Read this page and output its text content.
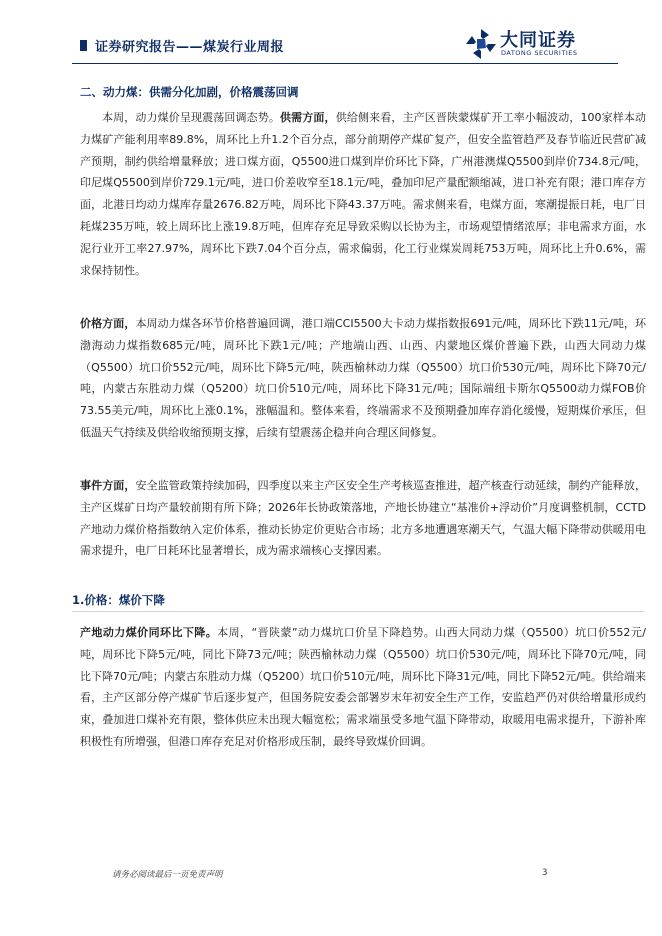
证券研究报告——煤炭行业周报	大同证券
DATONG SECURITIES
二、动力煤：供需分化加剧，价格震荡回调
本周，动力煤价呈现震荡回调态势。供需方面，供给侧来看，主产区晋陕蒙煤矿开工率小幅波动，100家样本动力煤矿产能利用率89.8%，周环比上升1.2个百分点，部分前期停产煤矿复产，但安全监管趋严及春节临近民营矿减产预期，制约供给增量释放；进口煤方面，Q5500进口煤到岸价环比下降，广州港澳煤Q5500到岸价734.8元/吨，印尼煤Q5500到岸价729.1元/吨，进口价差收窄至18.1元/吨，叠加印尼产量配额缩减，进口补充有限；港口库存方面，北港日均动力煤库存量2676.82万吨，周环比下降43.37万吨。需求侧来看，电煤方面，寒潮提振日耗，电厂日耗煤235万吨，较上周环比上涨19.8万吨，但库存充足导致采购以长协为主，市场观望情绪浓厚；非电需求方面，水泥行业开工率27.97%，周环比下跌7.04个百分点，需求偏弱，化工行业煤炭周耗753万吨，周环比上升0.6%，需求保持韧性。
价格方面，本周动力煤各环节价格普遍回调，港口端CCI5500大卡动力煤指数报691元/吨，周环比下跌11元/吨，环渤海动力煤指数685元/吨，周环比下跌1元/吨；产地端山西、山西、内蒙地区煤价普遍下跌，山西大同动力煤（Q5500）坑口价552元/吨，周环比下降5元/吨，陕西榆林动力煤（Q5500）坑口价530元/吨，周环比下降70元/吨，内蒙古东胜动力煤（Q5200）坑口价510元/吨，周环比下降31元/吨；国际端纽卡斯尔Q5500动力煤FOB价73.55美元/吨，周环比上涨0.1%，涨幅温和。整体来看，终端需求不及预期叠加库存消化缓慢，短期煤价承压，但低温天气持续及供给收缩预期支撑，后续有望震荡企稳并向合理区间修复。
事件方面，安全监管政策持续加码，四季度以来主产区安全生产考核巡查推进，超产核查行动延续，制约产能释放，主产区煤矿日均产量较前期有所下降；2026年长协政策落地，产地长协建立“基准价+浮动价”月度调整机制，CCTD产地动力煤价格指数纳入定价体系，推动长协定价更贴合市场；北方多地遭遇寒潮天气，气温大幅下降带动供暖用电需求提升，电厂日耗环比显著增长，成为需求端核心支撑因素。
1.价格：煤价下降
产地动力煤价同环比下降。本周，“晋陕蒙”动力煤坑口价呈下降趋势。山西大同动力煤（Q5500）坑口价552元/吨，周环比下降5元/吨，同比下降73元/吨；陕西榆林动力煤（Q5500）坑口价530元/吨，周环比下降70元/吨，同比下降70元/吨；内蒙古东胜动力煤（Q5200）坑口价510元/吨，周环比下降31元/吨，同比下降52元/吨。供给端来看，主产区部分停产煤矿节后逐步复产，但国务院安委会部署岁末年初安全生产工作，安监趋严仍对供给增量形成约束，叠加进口煤补充有限，整体供应未出现大幅宽松；需求端虽受多地气温下降带动，取暖用电需求提升，下游补库积极性有所增强，但港口库存充足对价格形成压制，最终导致煤价回调。
请务必阅读最后一页免责声明	3
